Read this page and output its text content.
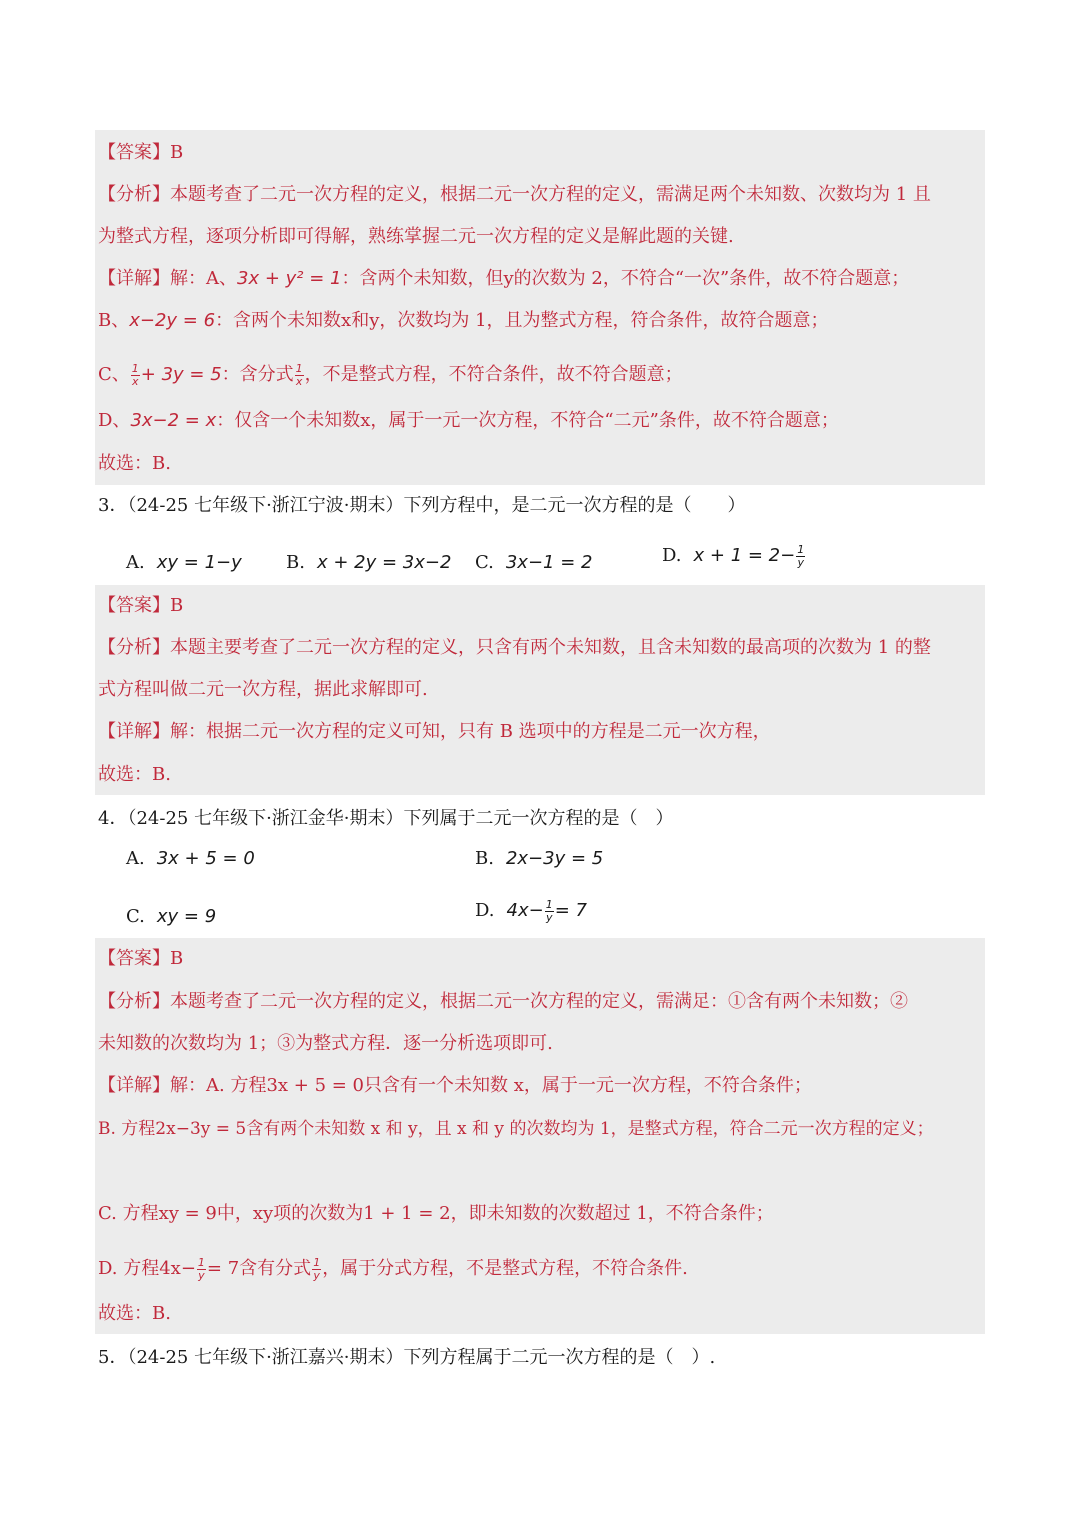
【答案】B
【分析】本题考查了二元一次方程的定义，根据二元一次方程的定义，需满足两个未知数、次数均为 1 且
为整式方程，逐项分析即可得解，熟练掌握二元一次方程的定义是解此题的关键.
【详解】解：A、3x + y² = 1：含两个未知数，但y的次数为 2，不符合“一次”条件，故不符合题意；
B、x−2y = 6：含两个未知数x和y，次数均为 1，且为整式方程，符合条件，故符合题意；
C、 $\frac{1}{x} + 3y = 5$：含分式 $\frac{1}{x}$ ，不是整式方程，不符合条件，故不符合题意；
D、3x−2 = x：仅含一个未知数x，属于一元一次方程，不符合“二元”条件，故不符合题意；
故选：B.
3．（24-25 七年级下·浙江宁波·期末）下列方程中，是二元一次方程的是（　　）
A. xy = 1−y B. x + 2y = 3x−2 C. 3x−1 = 2	D. $x + 1 = 2- \frac{1}{y}$
【答案】B
【分析】本题主要考查了二元一次方程的定义，只含有两个未知数，且含未知数的最高项的次数为 1 的整
式方程叫做二元一次方程，据此求解即可.
【详解】解：根据二元一次方程的定义可知，只有 B 选项中的方程是二元一次方程，
故选：B.
4．（24-25 七年级下·浙江金华·期末）下列属于二元一次方程的是（　）
A. 3x + 5 = 0	B. 2x−3y = 5
C. xy = 9	D. $4x- \frac{1}{y} = 7$
【答案】B
【分析】本题考查了二元一次方程的定义，根据二元一次方程的定义，需满足：①含有两个未知数；②
未知数的次数均为 1；③为整式方程．逐一分析选项即可.
【详解】解：A. 方程3x + 5 = 0只含有一个未知数 x，属于一元一次方程，不符合条件；
B. 方程2x−3y = 5含有两个未知数 x 和 y，且 x 和 y 的次数均为 1，是整式方程，符合二元一次方程的定义；
C. 方程xy = 9中，xy项的次数为1 + 1 = 2，即未知数的次数超过 1，不符合条件；
D. 方程$4x- \frac{1}{y} = 7$含有分式 $\frac{1}{y}$ ，属于分式方程，不是整式方程，不符合条件.
故选：B.
5．（24-25 七年级下·浙江嘉兴·期末）下列方程属于二元一次方程的是（　）.
